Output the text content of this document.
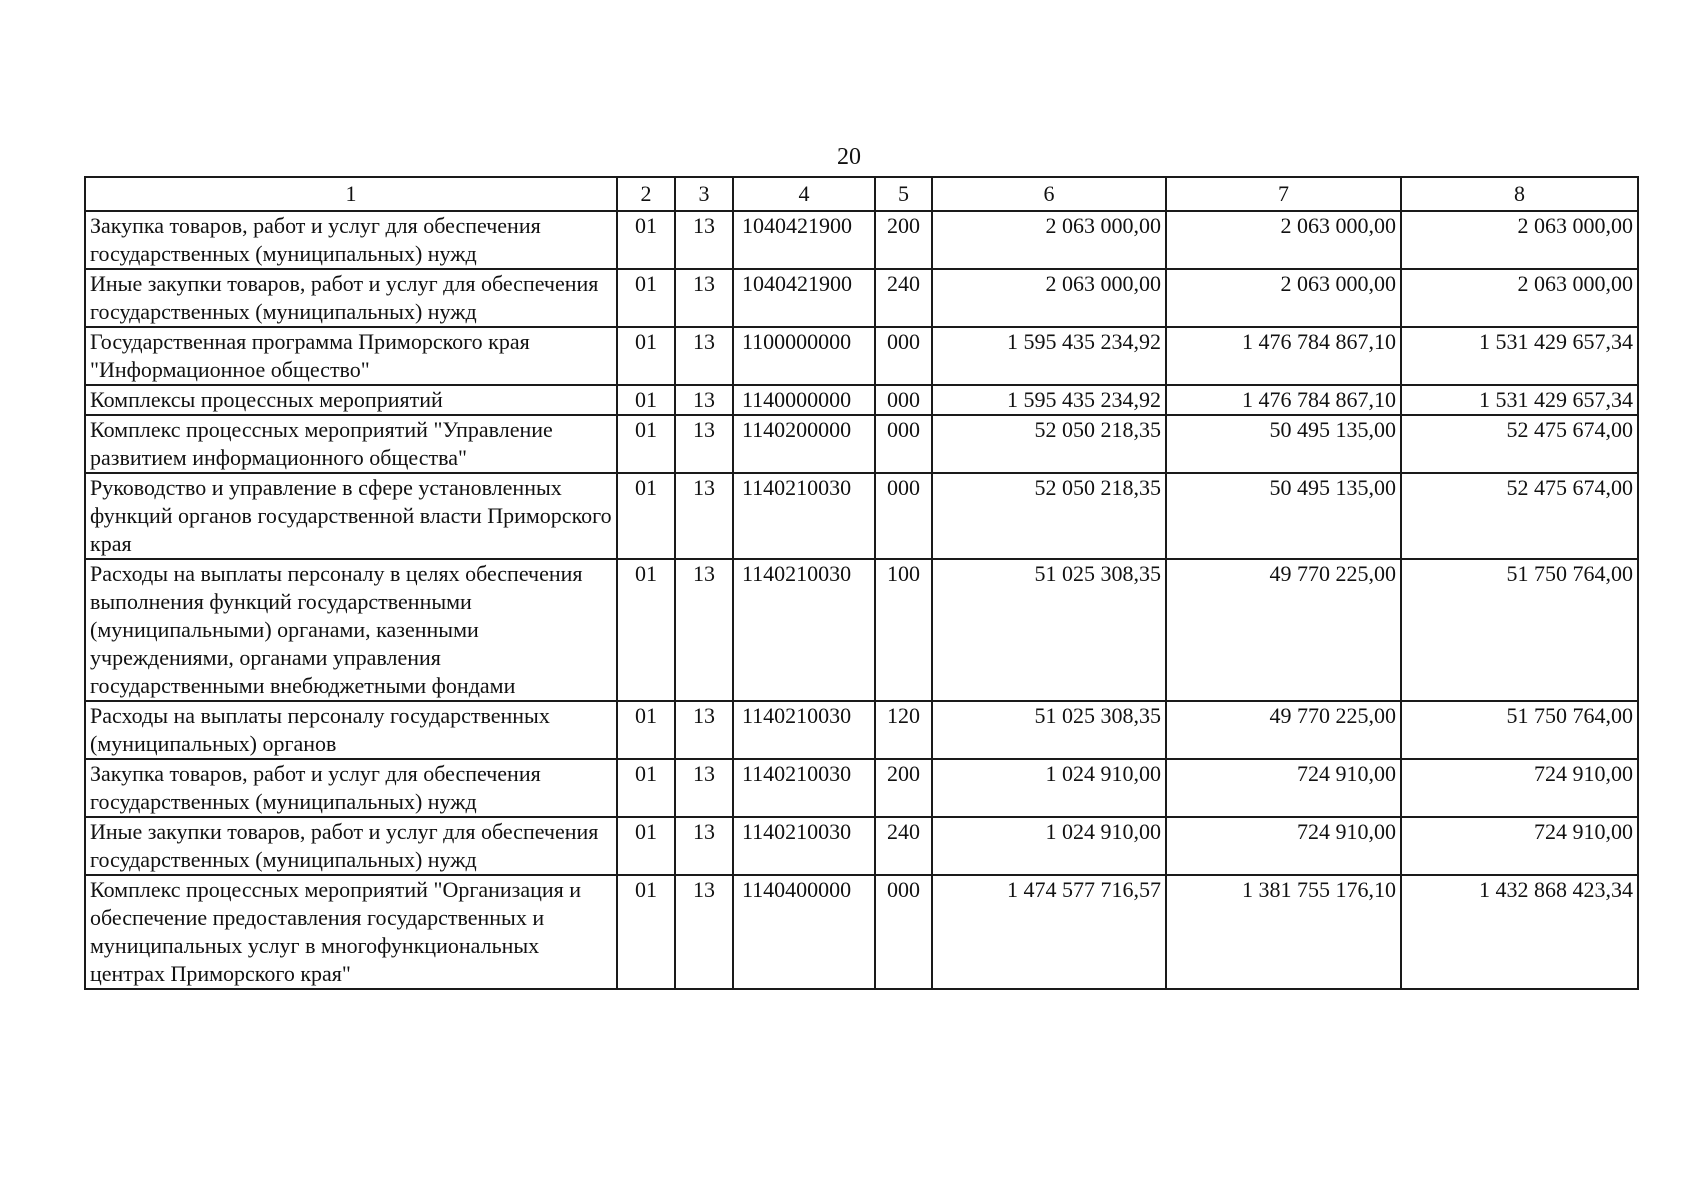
20
1	2	3	4	5	6	7	8
Закупка товаров, работ и услуг для обеспечения государственных (муниципальных) нужд	01	13	1040421900	200	2 063 000,00	2 063 000,00	2 063 000,00
Иные закупки товаров, работ и услуг для обеспечения государственных (муниципальных) нужд	01	13	1040421900	240	2 063 000,00	2 063 000,00	2 063 000,00
Государственная программа Приморского края "Информационное общество"	01	13	1100000000	000	1 595 435 234,92	1 476 784 867,10	1 531 429 657,34
Комплексы процессных мероприятий	01	13	1140000000	000	1 595 435 234,92	1 476 784 867,10	1 531 429 657,34
Комплекс процессных мероприятий "Управление развитием информационного общества"	01	13	1140200000	000	52 050 218,35	50 495 135,00	52 475 674,00
Руководство и управление в сфере установленных функций органов государственной власти Приморского края	01	13	1140210030	000	52 050 218,35	50 495 135,00	52 475 674,00
Расходы на выплаты персоналу в целях обеспечения выполнения функций государственными (муниципальными) органами, казенными учреждениями, органами управления государственными внебюджетными фондами	01	13	1140210030	100	51 025 308,35	49 770 225,00	51 750 764,00
Расходы на выплаты персоналу государственных (муниципальных) органов	01	13	1140210030	120	51 025 308,35	49 770 225,00	51 750 764,00
Закупка товаров, работ и услуг для обеспечения государственных (муниципальных) нужд	01	13	1140210030	200	1 024 910,00	724 910,00	724 910,00
Иные закупки товаров, работ и услуг для обеспечения государственных (муниципальных) нужд	01	13	1140210030	240	1 024 910,00	724 910,00	724 910,00
Комплекс процессных мероприятий "Организация и обеспечение предоставления государственных и муниципальных услуг в многофункциональных центрах Приморского края"	01	13	1140400000	000	1 474 577 716,57	1 381 755 176,10	1 432 868 423,34
